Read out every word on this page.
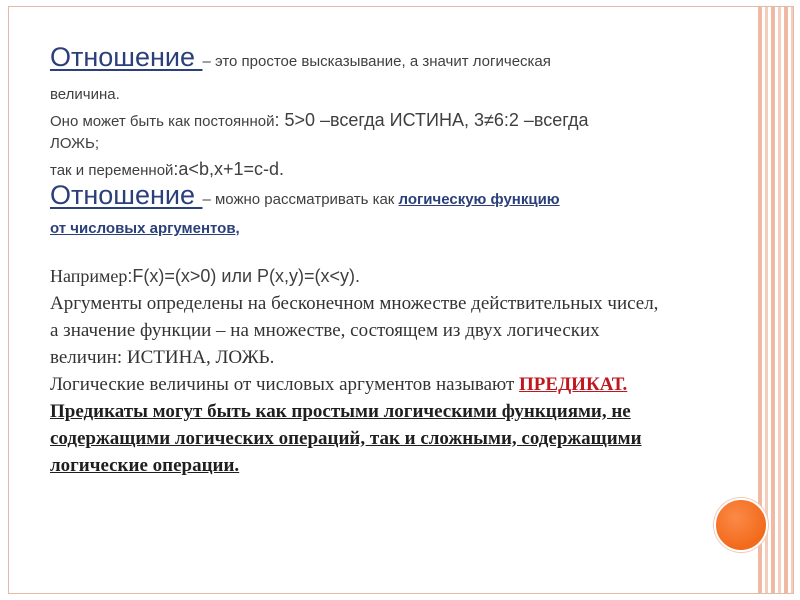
Отношение – это простое высказывание, а значит логическая
величина.
Оно может быть как постоянной: 5>0 –всегда ИСТИНА, 3≠6:2 –всегда
ЛОЖЬ;
так и переменной:a<b,x+1=c-d.
Отношение – можно рассматривать как логическую функцию
от числовых аргументов,
Например:F(x)=(x>0) или P(x,y)=(x<y).
Аргументы определены на бесконечном множестве действительных чисел,
а значение функции – на множестве, состоящем из двух логических
величин: ИСТИНА, ЛОЖЬ.
Логические величины от числовых аргументов называют ПРЕДИКАТ.
Предикаты могут быть как простыми логическими функциями, не
содержащими логических операций, так и сложными, содержащими
логические операции.
